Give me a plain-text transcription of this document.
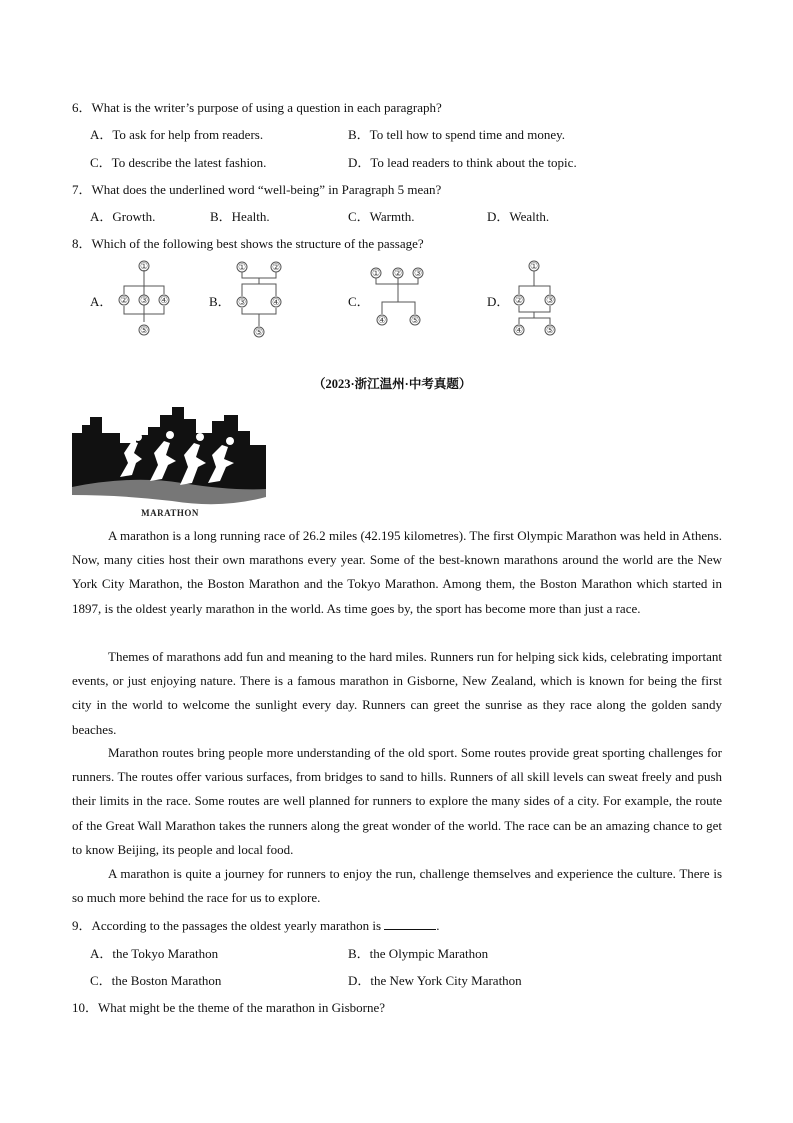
6．What is the writer’s purpose of using a question in each paragraph?
A．To ask for help from readers.	B．To tell how to spend time and money.
C．To describe the latest fashion.	D．To lead readers to think about the topic.
7．What does the underlined word “well-being” in Paragraph 5 mean?
A．Growth.	B．Health.	C．Warmth.	D．Wealth.
8．Which of the following best shows the structure of the passage?
A．	B．	C．	D．
①
② ③ ④
⑤
①	②
③	④
⑤
① ② ③
④	⑤
①
②	③
④	⑤
（2023·浙江温州·中考真题）
MARATHON
A marathon is a long running race of 26.2 miles (42.195 kilometres). The first Olympic Marathon was held in Athens. Now, many cities host their own marathons every year. Some of the best-known marathons around the world are the New York City Marathon, the Boston Marathon and the Tokyo Marathon. Among them, the Boston Marathon which started in 1897, is the oldest yearly marathon in the world. As time goes by, the sport has become more than just a race.
Themes of marathons add fun and meaning to the hard miles. Runners run for helping sick kids, celebrating important events, or just enjoying nature. There is a famous marathon in Gisborne, New Zealand, which is known for being the first city in the world to welcome the sunlight every day. Runners can greet the sunrise as they race along the golden sandy beaches.
Marathon routes bring people more understanding of the old sport. Some routes provide great sporting challenges for runners. The routes offer various surfaces, from bridges to sand to hills. Runners of all skill levels can sweat freely and push their limits in the race. Some routes are well planned for runners to explore the many sides of a city. For example, the route of the Great Wall Marathon takes the runners along the great wonder of the world. The race can be an amazing chance to get to know Beijing, its people and local food.
A marathon is quite a journey for runners to enjoy the run, challenge themselves and experience the culture. There is so much more behind the race for us to explore.
9．According to the passages the oldest yearly marathon is	.
A．the Tokyo Marathon	B．the Olympic Marathon
C．the Boston Marathon	D．the New York City Marathon
10．What might be the theme of the marathon in Gisborne?
